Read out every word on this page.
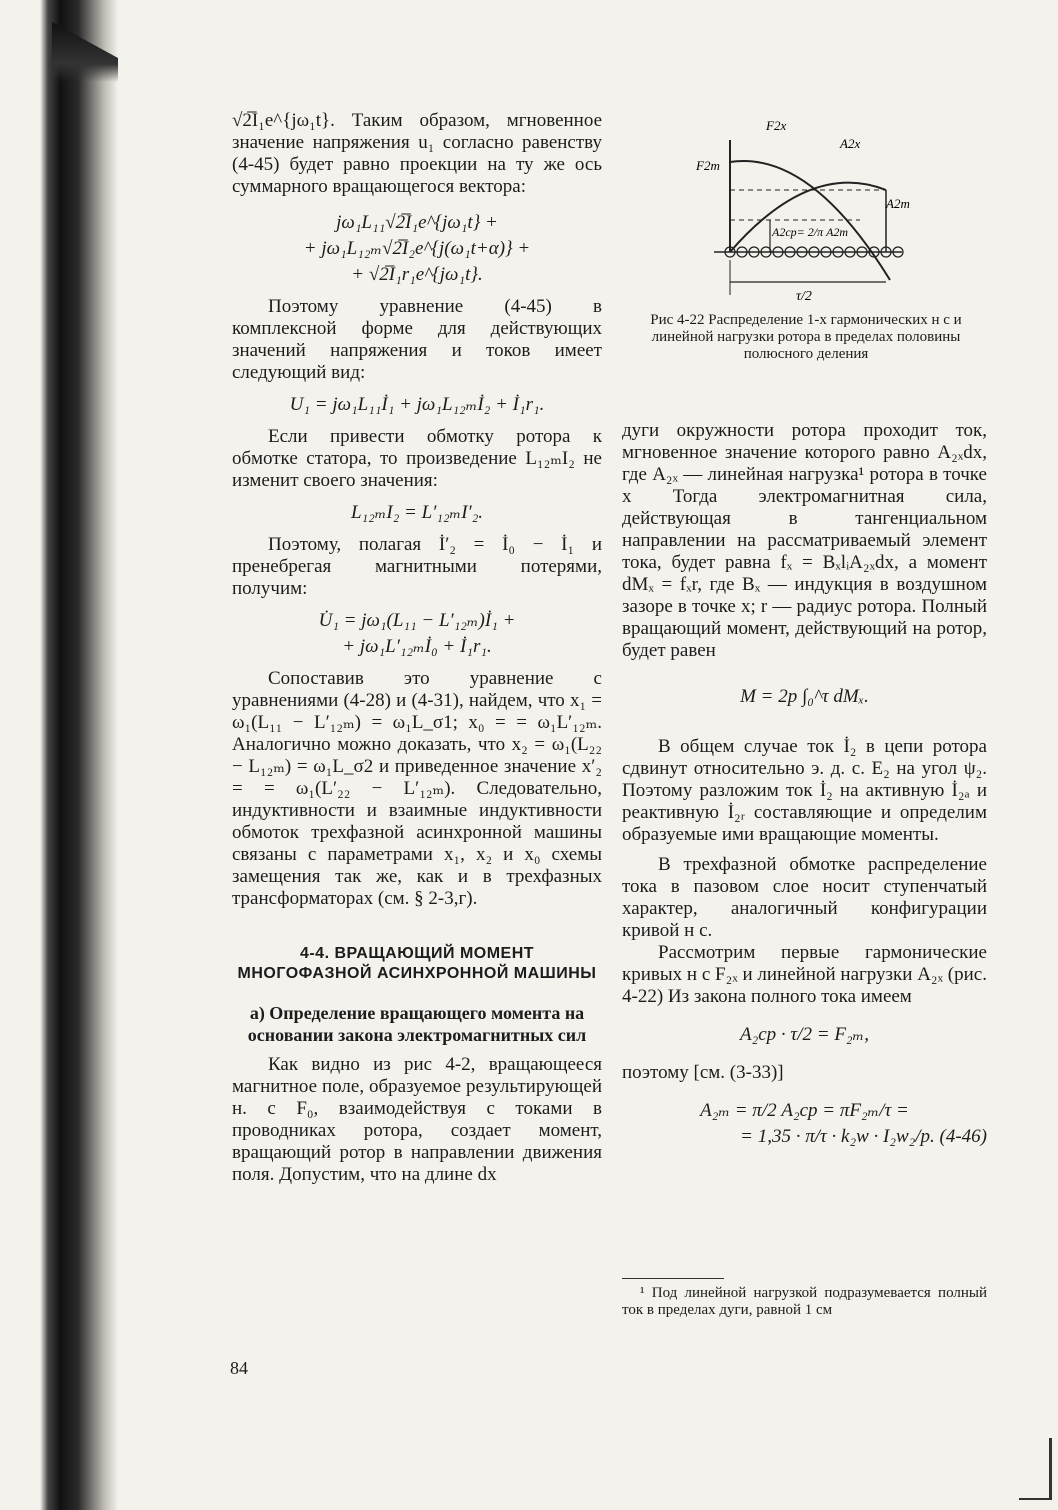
√2̅I₁e^{jω₁t}. Таким образом, мгновенное значение напряжения u₁ согласно равенству (4-45) будет равно проекции на ту же ось суммарного вращающегося вектора:

jω₁L₁₁√2̅I₁e^{jω₁t} +
+ jω₁L₁₂ₘ√2̅I₂e^{j(ω₁t+α)} +
+ √2̅I₁r₁e^{jω₁t}.

Поэтому уравнение (4-45) в комплексной форме для действующих значений напряжения и токов имеет следующий вид:

U₁ = jω₁L₁₁İ₁ + jω₁L₁₂ₘİ₂ + İ₁r₁.

Если привести обмотку ротора к обмотке статора, то произведение L₁₂ₘI₂ не изменит своего значения:

L₁₂ₘI₂ = L′₁₂ₘI′₂.

Поэтому, полагая İ′₂ = İ₀ − İ₁ и пренебрегая магнитными потерями, получим:

U̇₁ = jω₁(L₁₁ − L′₁₂ₘ)İ₁ +
+ jω₁L′₁₂ₘİ₀ + İ₁r₁.

Сопоставив это уравнение с уравнениями (4-28) и (4-31), найдем, что x₁ = ω₁(L₁₁ − L′₁₂ₘ) = ω₁L_σ1; x₀ = = ω₁L′₁₂ₘ. Аналогично можно доказать, что x₂ = ω₁(L₂₂ − L₁₂ₘ) = ω₁L_σ2 и приведенное значение x′₂ = = ω₁(L′₂₂ − L′₁₂ₘ). Следовательно, индуктивности и взаимные индуктивности обмоток трехфазной асинхронной машины связаны с параметрами x₁, x₂ и x₀ схемы замещения так же, как и в трехфазных трансформаторах (см. § 2-3,г).

4-4. ВРАЩАЮЩИЙ МОМЕНТ МНОГОФАЗНОЙ АСИНХРОННОЙ МАШИНЫ
а) Определение вращающего момента на основании закона электромагнитных сил

Как видно из рис 4-2, вращающееся магнитное поле, образуемое результирующей н. с F₀, взаимодействуя с токами в проводниках ротора, создает момент, вращающий ротор в направлении движения поля. Допустим, что на длине dx

F2x
A2x
F2m
A2m
A2cp= 2/π A2m
τ/2
Рис 4-22 Распределение 1-х гармонических н с и линейной нагрузки ротора в пределах половины полюсного деления

дуги окружности ротора проходит ток, мгновенное значение которого равно A₂ₓdx, где A₂ₓ — линейная нагрузка¹ ротора в точке x Тогда электромагнитная сила, действующая в тангенциальном направлении на рассматриваемый элемент тока, будет равна fₓ = BₓlᵢA₂ₓdx, а момент dMₓ = fₓr, где Bₓ — индукция в воздушном зазоре в точке x; r — радиус ротора. Полный вращающий момент, действующий на ротор, будет равен

M = 2p ∫₀^τ dMₓ.

В общем случае ток İ₂ в цепи ротора сдвинут относительно э. д. с. E₂ на угол ψ₂. Поэтому разложим ток İ₂ на активную İ₂ₐ и реактивную İ₂ᵣ составляющие и определим образуемые ими вращающие моменты.

В трехфазной обмотке распределение тока в пазовом слое носит ступенчатый характер, аналогичный конфигурации кривой н с.

Рассмотрим первые гармонические кривых н с F₂ₓ и линейной нагрузки A₂ₓ (рис. 4-22) Из закона полного тока имеем

A₂cp · τ/2 = F₂ₘ,

поэтому [см. (3-33)]

A₂ₘ = π/2 A₂cp = πF₂ₘ/τ =
= 1,35 · π/τ · k₂w · I₂w₂/p. (4-46)
¹ Под линейной нагрузкой подразумевается полный ток в пределах дуги, равной 1 см
84
